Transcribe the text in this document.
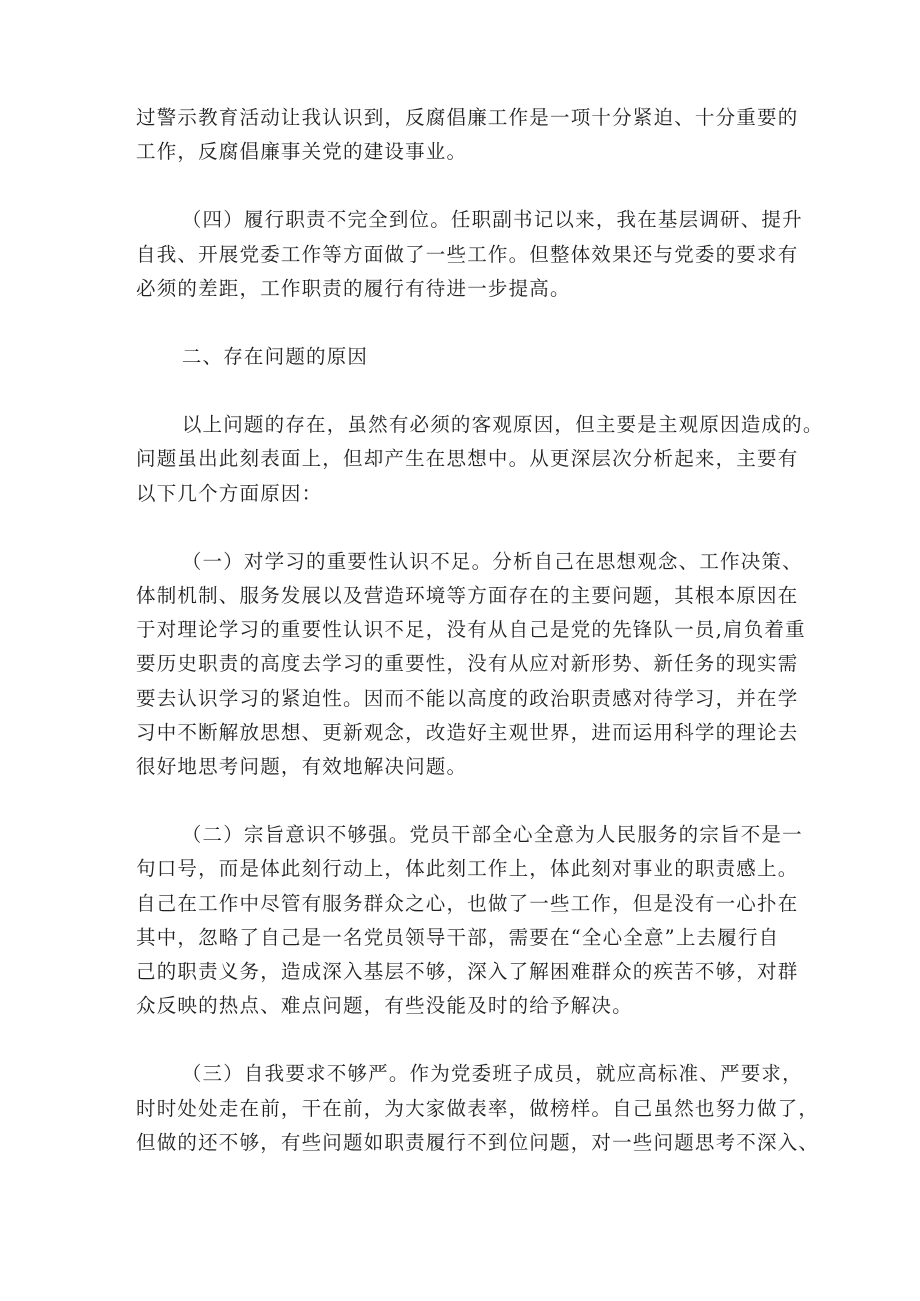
过警示教育活动让我认识到，反腐倡廉工作是一项十分紧迫、十分重要的
工作，反腐倡廉事关党的建设事业。
（四）履行职责不完全到位。任职副书记以来，我在基层调研、提升
自我、开展党委工作等方面做了一些工作。但整体效果还与党委的要求有
必须的差距，工作职责的履行有待进一步提高。
二、存在问题的原因
以上问题的存在，虽然有必须的客观原因，但主要是主观原因造成的。
问题虽出此刻表面上，但却产生在思想中。从更深层次分析起来，主要有
以下几个方面原因：
（一）对学习的重要性认识不足。分析自己在思想观念、工作决策、
体制机制、服务发展以及营造环境等方面存在的主要问题，其根本原因在
于对理论学习的重要性认识不足，没有从自己是党的先锋队一员,肩负着重
要历史职责的高度去学习的重要性，没有从应对新形势、新任务的现实需
要去认识学习的紧迫性。因而不能以高度的政治职责感对待学习，并在学
习中不断解放思想、更新观念，改造好主观世界，进而运用科学的理论去
很好地思考问题，有效地解决问题。
（二）宗旨意识不够强。党员干部全心全意为人民服务的宗旨不是一
句口号，而是体此刻行动上，体此刻工作上，体此刻对事业的职责感上。
自己在工作中尽管有服务群众之心，也做了一些工作，但是没有一心扑在
其中，忽略了自己是一名党员领导干部，需要在“全心全意”上去履行自
己的职责义务，造成深入基层不够，深入了解困难群众的疾苦不够，对群
众反映的热点、难点问题，有些没能及时的给予解决。
（三）自我要求不够严。作为党委班子成员，就应高标准、严要求，
时时处处走在前，干在前，为大家做表率，做榜样。自己虽然也努力做了，
但做的还不够，有些问题如职责履行不到位问题，对一些问题思考不深入、
